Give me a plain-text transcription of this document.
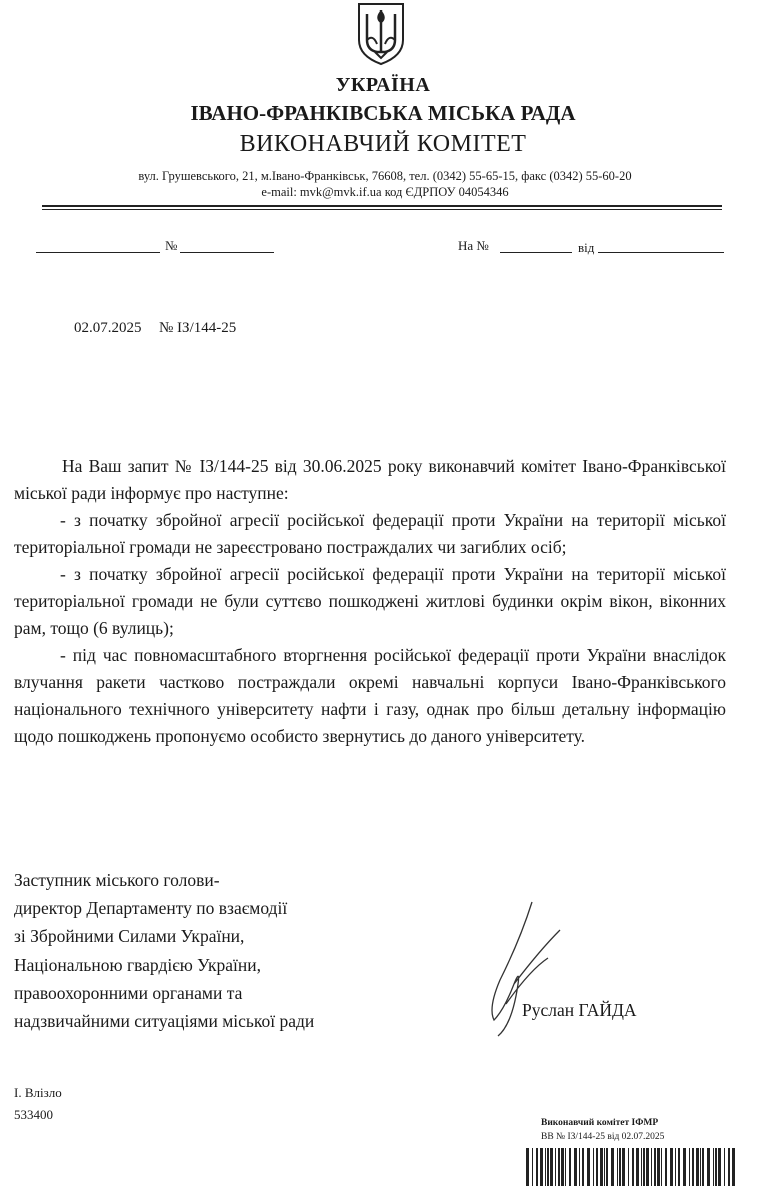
УКРАЇНА
ІВАНО-ФРАНКІВСЬКА МІСЬКА РАДА
ВИКОНАВЧИЙ КОМІТЕТ
вул. Грушевського, 21, м.Івано-Франківськ, 76608, тел. (0342) 55-65-15, факс (0342) 55-60-20
e-mail: mvk@mvk.if.ua код ЄДРПОУ 04054346
№	На №	від
02.07.2025 № ІЗ/144-25
На Ваш запит № ІЗ/144-25 від 30.06.2025 року виконавчий комітет Івано-Франківської міської ради інформує про наступне:
- з початку збройної агресії російської федерації проти України на території міської територіальної громади не зареєстровано постраждалих чи загиблих осіб;
- з початку збройної агресії російської федерації проти України на території міської територіальної громади не були суттєво пошкоджені житлові будинки окрім вікон, віконних рам, тощо (6 вулиць);
- під час повномасштабного вторгнення російської федерації проти України внаслідок влучання ракети частково постраждали окремі навчальні корпуси Івано-Франківського національного технічного університету нафти і газу, однак про більш детальну інформацію щодо пошкоджень пропонуємо особисто звернутись до даного університету.
Заступник міського голови-
директор Департаменту по взаємодії
зі Збройними Силами України,
Національною гвардією України,
правоохоронними органами та
надзвичайними ситуаціями міської ради
Руслан ГАЙДА
І. Влізло
533400
Виконавчий комітет ІФМР
ВВ № ІЗ/144-25 від 02.07.2025
